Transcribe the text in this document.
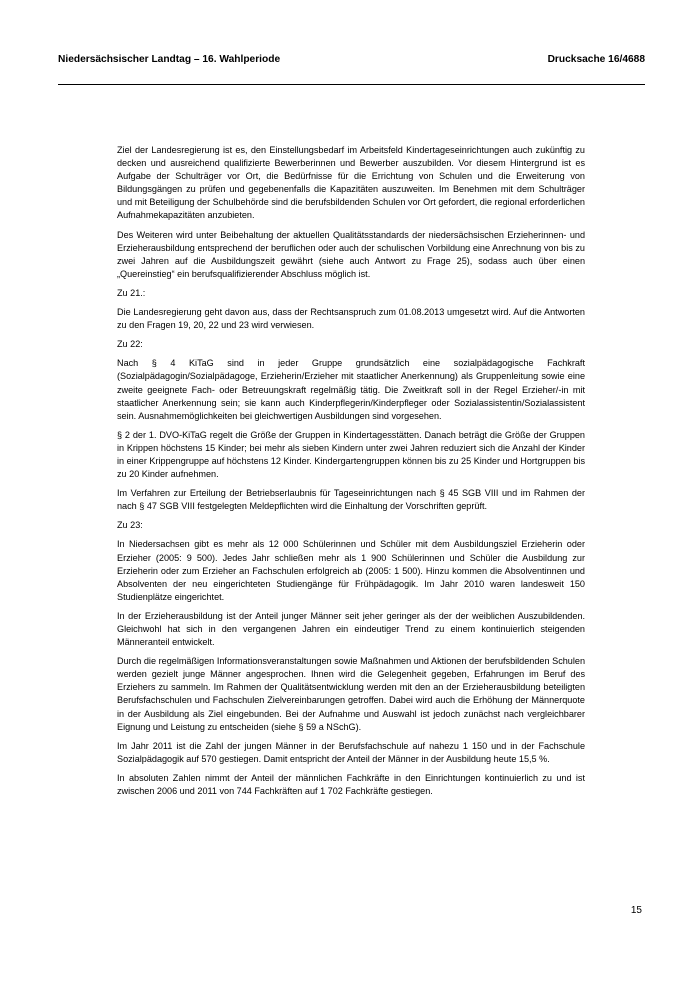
Niedersächsischer Landtag – 16. Wahlperiode	Drucksache 16/4688

Ziel der Landesregierung ist es, den Einstellungsbedarf im Arbeitsfeld Kindertageseinrichtungen auch zukünftig zu decken und ausreichend qualifizierte Bewerberinnen und Bewerber auszubilden. Vor diesem Hintergrund ist es Aufgabe der Schulträger vor Ort, die Bedürfnisse für die Errichtung von Schulen und die Erweiterung von Bildungsgängen zu prüfen und gegebenenfalls die Kapazitäten auszuweiten. Im Benehmen mit dem Schulträger und mit Beteiligung der Schulbehörde sind die berufsbildenden Schulen vor Ort gefordert, die regional erforderlichen Aufnahmekapazitäten anzubieten.

Des Weiteren wird unter Beibehaltung der aktuellen Qualitätsstandards der niedersächsischen Erzieherinnen- und Erzieherausbildung entsprechend der beruflichen oder auch der schulischen Vorbildung eine Anrechnung von bis zu zwei Jahren auf die Ausbildungszeit gewährt (siehe auch Antwort zu Frage 25), sodass auch über einen „Quereinstieg“ ein berufsqualifizierender Abschluss möglich ist.

Zu 21.:

Die Landesregierung geht davon aus, dass der Rechtsanspruch zum 01.08.2013 umgesetzt wird. Auf die Antworten zu den Fragen 19, 20, 22 und 23 wird verwiesen.

Zu 22:

Nach § 4 KiTaG sind in jeder Gruppe grundsätzlich eine sozialpädagogische Fachkraft (Sozialpädagogin/Sozialpädagoge, Erzieherin/Erzieher mit staatlicher Anerkennung) als Gruppenleitung sowie eine zweite geeignete Fach- oder Betreuungskraft regelmäßig tätig. Die Zweitkraft soll in der Regel Erzieher/-in mit staatlicher Anerkennung sein; sie kann auch Kinderpflegerin/Kinderpfleger oder Sozialassistentin/Sozialassistent sein. Ausnahmemöglichkeiten bei gleichwertigen Ausbildungen sind vorgesehen.

§ 2 der 1. DVO-KiTaG regelt die Größe der Gruppen in Kindertagesstätten. Danach beträgt die Größe der Gruppen in Krippen höchstens 15 Kinder; bei mehr als sieben Kindern unter zwei Jahren reduziert sich die Anzahl der Kinder in einer Krippengruppe auf höchstens 12 Kinder. Kindergartengruppen können bis zu 25 Kinder und Hortgruppen bis zu 20 Kinder aufnehmen.

Im Verfahren zur Erteilung der Betriebserlaubnis für Tageseinrichtungen nach § 45 SGB VIII und im Rahmen der nach § 47 SGB VIII festgelegten Meldepflichten wird die Einhaltung der Vorschriften geprüft.

Zu 23:

In Niedersachsen gibt es mehr als 12 000 Schülerinnen und Schüler mit dem Ausbildungsziel Erzieherin oder Erzieher (2005: 9 500). Jedes Jahr schließen mehr als 1 900 Schülerinnen und Schüler die Ausbildung zur Erzieherin oder zum Erzieher an Fachschulen erfolgreich ab (2005: 1 500). Hinzu kommen die Absolventinnen und Absolventen der neu eingerichteten Studiengänge für Frühpädagogik. Im Jahr 2010 waren landesweit 150 Studienplätze eingerichtet.

In der Erzieherausbildung ist der Anteil junger Männer seit jeher geringer als der der weiblichen Auszubildenden. Gleichwohl hat sich in den vergangenen Jahren ein eindeutiger Trend zu einem kontinuierlich steigenden Männeranteil entwickelt.

Durch die regelmäßigen Informationsveranstaltungen sowie Maßnahmen und Aktionen der berufsbildenden Schulen werden gezielt junge Männer angesprochen. Ihnen wird die Gelegenheit gegeben, Erfahrungen im Beruf des Erziehers zu sammeln. Im Rahmen der Qualitätsentwicklung werden mit den an der Erzieherausbildung beteiligten Berufsfachschulen und Fachschulen Zielvereinbarungen getroffen. Dabei wird auch die Erhöhung der Männerquote in der Ausbildung als Ziel eingebunden. Bei der Aufnahme und Auswahl ist jedoch zunächst nach vergleichbarer Eignung und Leistung zu entscheiden (siehe § 59 a NSchG).

Im Jahr 2011 ist die Zahl der jungen Männer in der Berufsfachschule auf nahezu 1 150 und in der Fachschule Sozialpädagogik auf 570 gestiegen. Damit entspricht der Anteil der Männer in der Ausbildung heute 15,5 %.

In absoluten Zahlen nimmt der Anteil der männlichen Fachkräfte in den Einrichtungen kontinuierlich zu und ist zwischen 2006 und 2011 von 744 Fachkräften auf 1 702 Fachkräfte gestiegen.

15
